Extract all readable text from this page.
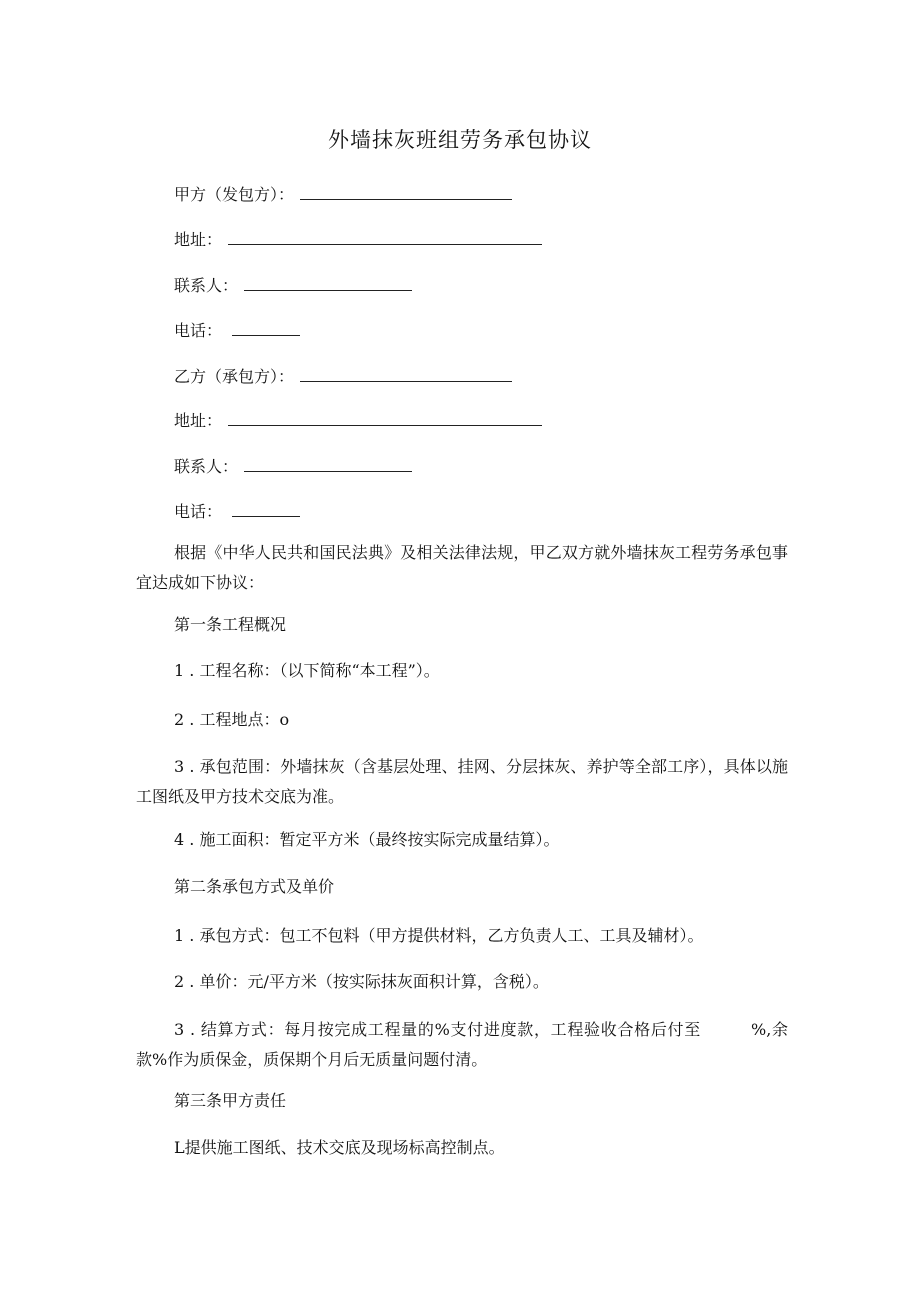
外墙抹灰班组劳务承包协议
甲方（发包方）：
地址：
联系人：
电话：
乙方（承包方）：
地址：
联系人：
电话：
根据《中华人民共和国民法典》及相关法律法规，甲乙双方就外墙抹灰工程劳务承包事宜达成如下协议：
第一条工程概况
1 . 工程名称：（以下简称“本工程”）。
2 . 工程地点：o
3 . 承包范围：外墙抹灰（含基层处理、挂网、分层抹灰、养护等全部工序），具体以施工图纸及甲方技术交底为准。
4 . 施工面积：暂定平方米（最终按实际完成量结算）。
第二条承包方式及单价
1 . 承包方式：包工不包料（甲方提供材料，乙方负责人工、工具及辅材）。
2 . 单价：元/平方米（按实际抹灰面积计算，含税）。
3 . 结算方式：每月按完成工程量的%支付进度款，工程验收合格后付至　　　%,余款%作为质保金，质保期个月后无质量问题付清。
第三条甲方责任
L提供施工图纸、技术交底及现场标高控制点。
